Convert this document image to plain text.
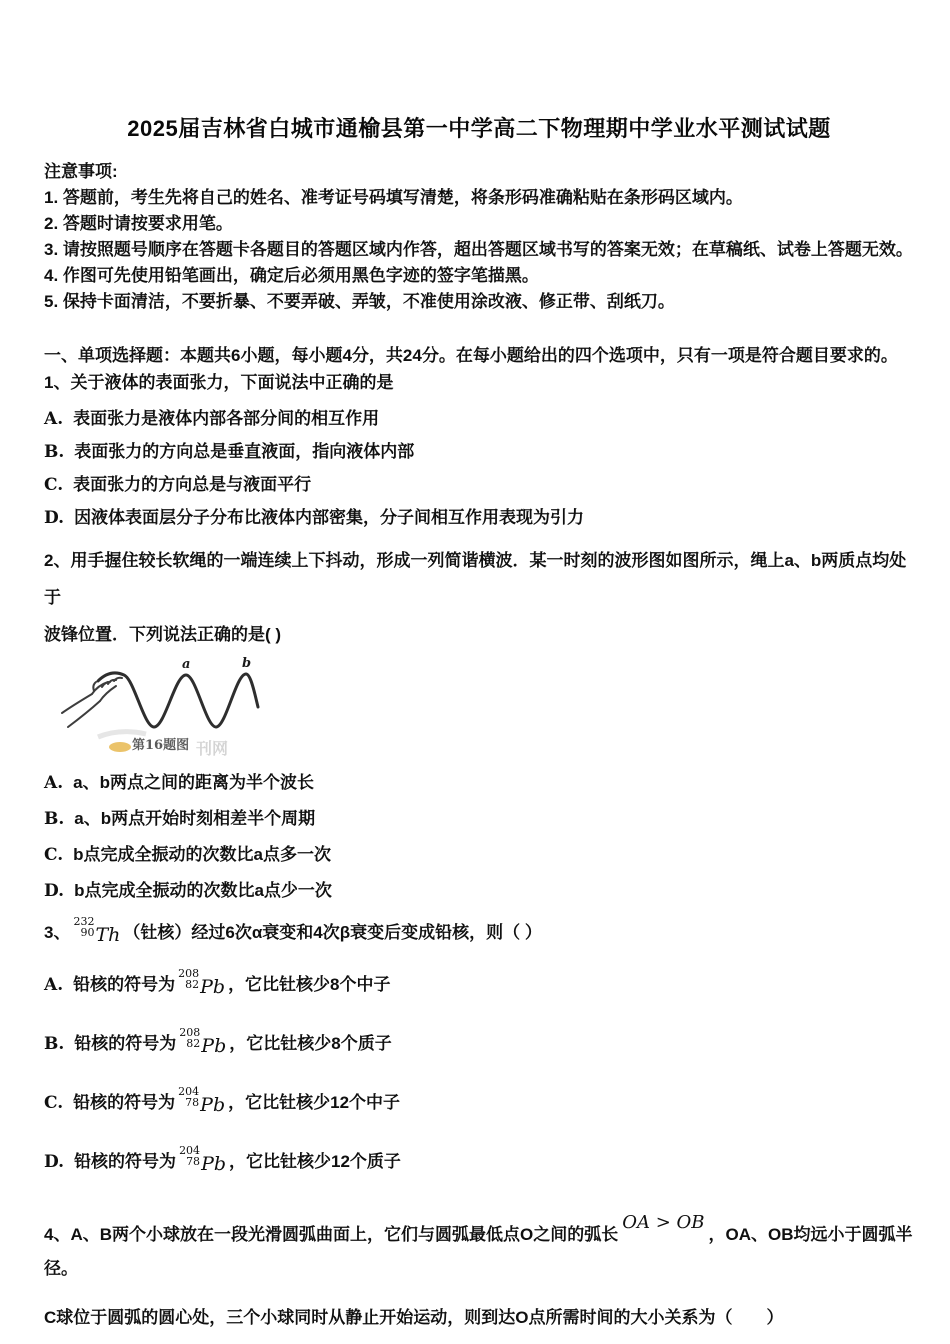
2025届吉林省白城市通榆县第一中学高二下物理期中学业水平测试试题

注意事项:

1. 答题前，考生先将自己的姓名、准考证号码填写清楚，将条形码准确粘贴在条形码区域内。

2. 答题时请按要求用笔。

3. 请按照题号顺序在答题卡各题目的答题区域内作答，超出答题区域书写的答案无效；在草稿纸、试卷上答题无效。

4. 作图可先使用铅笔画出，确定后必须用黑色字迹的签字笔描黑。

5. 保持卡面清洁，不要折暴、不要弄破、弄皱，不准使用涂改液、修正带、刮纸刀。

一、单项选择题：本题共6小题，每小题4分，共24分。在每小题给出的四个选项中，只有一项是符合题目要求的。

1、关于液体的表面张力，下面说法中正确的是

A. 表面张力是液体内部各部分间的相互作用

B. 表面张力的方向总是垂直液面，指向液体内部

C. 表面张力的方向总是与液面平行

D. 因液体表面层分子分布比液体内部密集，分子间相互作用表现为引力

2、用手握住较长软绳的一端连续上下抖动，形成一列简谐横波．某一时刻的波形图如图所示，绳上a、b两质点均处于

波锋位置．下列说法正确的是( )

a	b
第16题图 刊网

A. a、b两点之间的距离为半个波长

B. a、b两点开始时刻相差半个周期

C. b点完成全振动的次数比a点多一次

D. b点完成全振动的次数比a点少一次

3、
232
90 Th （钍核）经过6次α衰变和4次β衰变后变成铅核，则（ ）

A. 铅核的符号为
208
82 Pb ，它比钍核少8个中子

B. 铅核的符号为
208
82 Pb ，它比钍核少8个质子

C. 铅核的符号为
204
78 Pb ，它比钍核少12个中子

D. 铅核的符号为
204
78 Pb ，它比钍核少12个质子

4、A、B两个小球放在一段光滑圆弧曲面上，它们与圆弧最低点O之间的弧长OA > OB，OA、OB均远小于圆弧半径。

C球位于圆弧的圆心处，三个小球同时从静止开始运动，则到达O点所需时间的大小关系为（　　）
